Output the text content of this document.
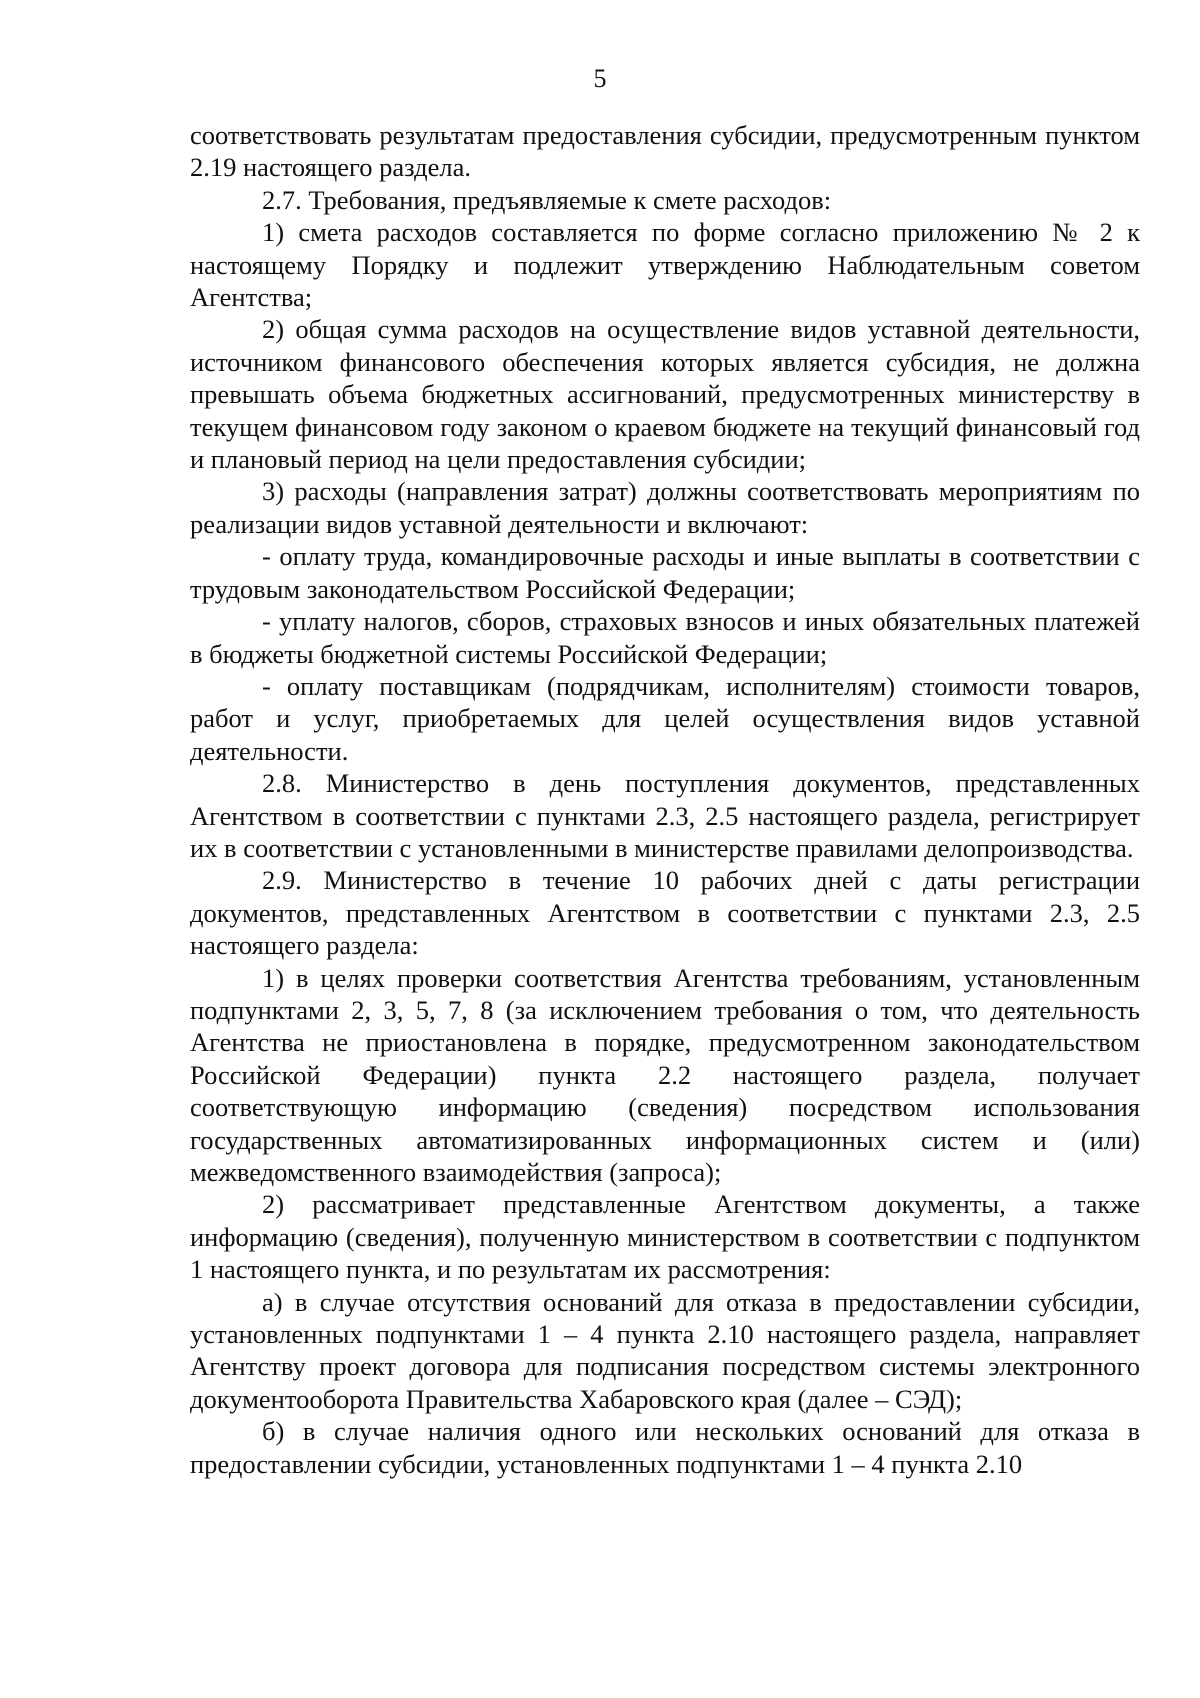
5

соответствовать результатам предоставления субсидии, предусмотренным пунктом 2.19 настоящего раздела.

2.7. Требования, предъявляемые к смете расходов:

1) смета расходов составляется по форме согласно приложению № 2 к настоящему Порядку и подлежит утверждению Наблюдательным советом Агентства;

2) общая сумма расходов на осуществление видов уставной деятельности, источником финансового обеспечения которых является субсидия, не должна превышать объема бюджетных ассигнований, предусмотренных министерству в текущем финансовом году законом о краевом бюджете на текущий финансовый год и плановый период на цели предоставления субсидии;

3) расходы (направления затрат) должны соответствовать мероприятиям по реализации видов уставной деятельности и включают:

- оплату труда, командировочные расходы и иные выплаты в соответствии с трудовым законодательством Российской Федерации;

- уплату налогов, сборов, страховых взносов и иных обязательных платежей в бюджеты бюджетной системы Российской Федерации;

- оплату поставщикам (подрядчикам, исполнителям) стоимости товаров, работ и услуг, приобретаемых для целей осуществления видов уставной деятельности.

2.8. Министерство в день поступления документов, представленных Агентством в соответствии с пунктами 2.3, 2.5 настоящего раздела, регистрирует их в соответствии с установленными в министерстве правилами делопроизводства.

2.9. Министерство в течение 10 рабочих дней с даты регистрации документов, представленных Агентством в соответствии с пунктами 2.3, 2.5 настоящего раздела:

1) в целях проверки соответствия Агентства требованиям, установленным подпунктами 2, 3, 5, 7, 8 (за исключением требования о том, что деятельность Агентства не приостановлена в порядке, предусмотренном законодательством Российской Федерации) пункта 2.2 настоящего раздела, получает соответствующую информацию (сведения) посредством использования государственных автоматизированных информационных систем и (или) межведомственного взаимодействия (запроса);

2) рассматривает представленные Агентством документы, а также информацию (сведения), полученную министерством в соответствии с подпунктом 1 настоящего пункта, и по результатам их рассмотрения:

а) в случае отсутствия оснований для отказа в предоставлении субсидии, установленных подпунктами 1 – 4 пункта 2.10 настоящего раздела, направляет Агентству проект договора для подписания посредством системы электронного документооборота Правительства Хабаровского края (далее – СЭД);

б) в случае наличия одного или нескольких оснований для отказа в предоставлении субсидии, установленных подпунктами 1 – 4 пункта 2.10
